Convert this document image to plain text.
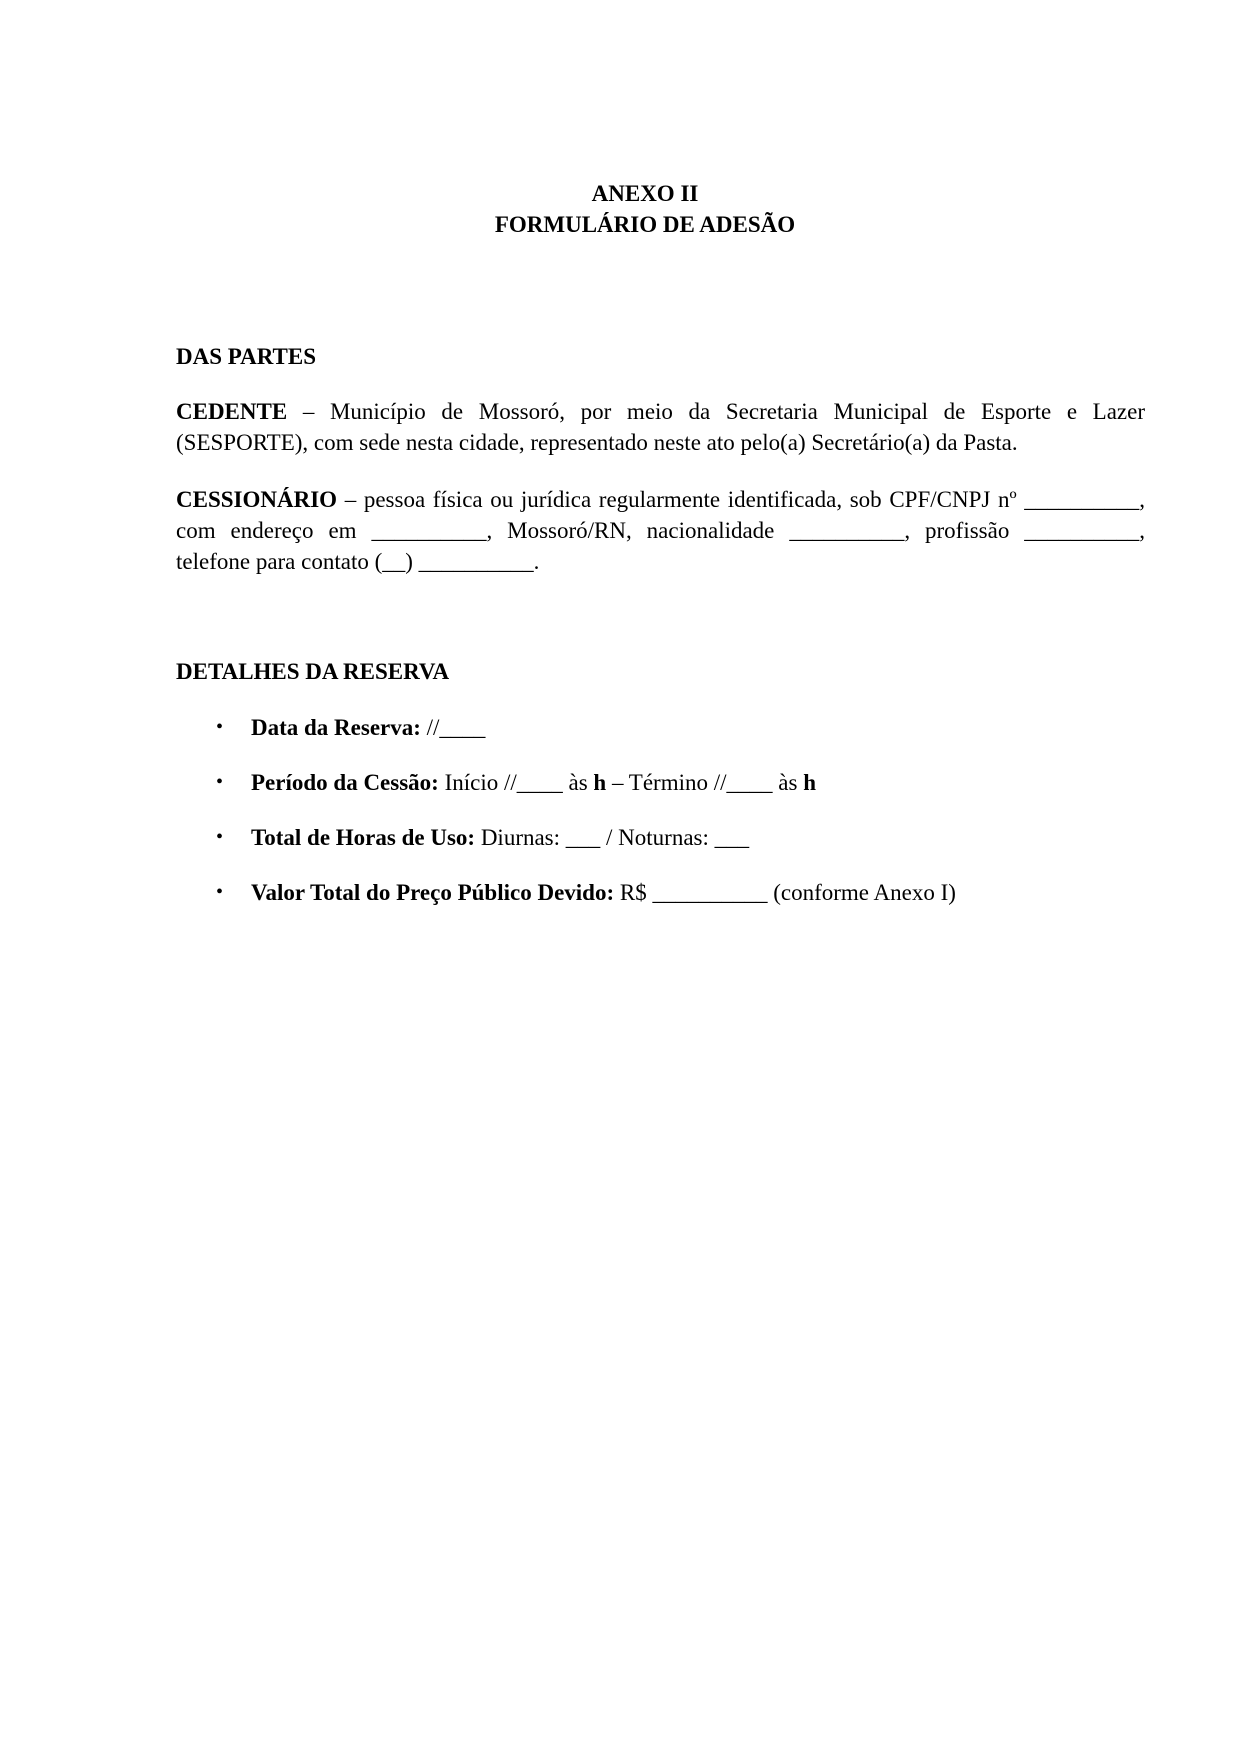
ANEXO II
FORMULÁRIO DE ADESÃO
DAS PARTES
CEDENTE – Município de Mossoró, por meio da Secretaria Municipal de Esporte e Lazer (SESPORTE), com sede nesta cidade, representado neste ato pelo(a) Secretário(a) da Pasta.
CESSIONÁRIO – pessoa física ou jurídica regularmente identificada, sob CPF/CNPJ nº __________, com endereço em __________, Mossoró/RN, nacionalidade __________, profissão __________, telefone para contato (__) __________.
DETALHES DA RESERVA
• Data da Reserva: //____
• Período da Cessão: Início //____ às h – Término //____ às h
• Total de Horas de Uso: Diurnas: ___ / Noturnas: ___
• Valor Total do Preço Público Devido: R$ __________ (conforme Anexo I)
